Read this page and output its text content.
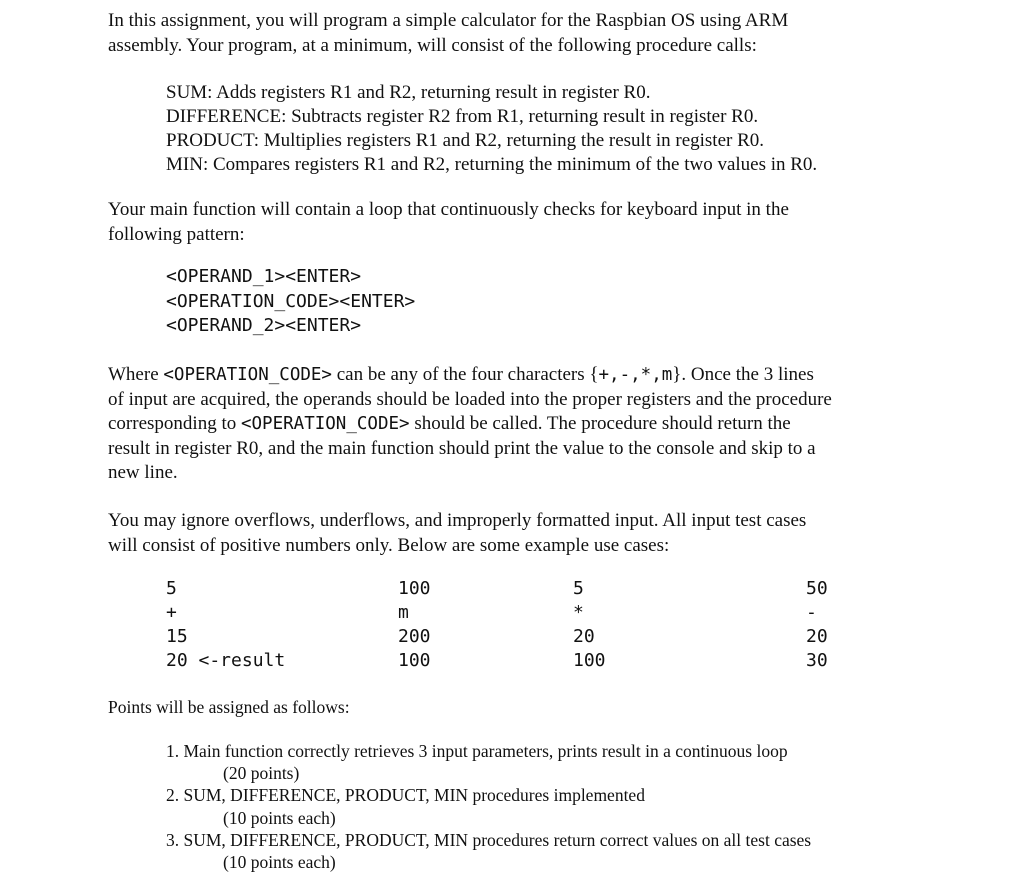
In this assignment, you will program a simple calculator for the Raspbian OS using ARM
assembly. Your program, at a minimum, will consist of the following procedure calls:

SUM: Adds registers R1 and R2, returning result in register R0.
DIFFERENCE: Subtracts register R2 from R1, returning result in register R0.
PRODUCT: Multiplies registers R1 and R2, returning the result in register R0.
MIN: Compares registers R1 and R2, returning the minimum of the two values in R0.

Your main function will contain a loop that continuously checks for keyboard input in the
following pattern:

<OPERAND_1><ENTER>
<OPERATION_CODE><ENTER>
<OPERAND_2><ENTER>

Where <OPERATION_CODE> can be any of the four characters {+,-,*,m}. Once the 3 lines
of input are acquired, the operands should be loaded into the proper registers and the procedure
corresponding to <OPERATION_CODE> should be called. The procedure should return the
result in register R0, and the main function should print the value to the console and skip to a
new line.

You may ignore overflows, underflows, and improperly formatted input. All input test cases
will consist of positive numbers only. Below are some example use cases:

5
+
15
20 <-result
100
m
200
100
5
*
20
100
50
-
20
30

Points will be assigned as follows:

1. Main function correctly retrieves 3 input parameters, prints result in a continuous loop
(20 points)
2. SUM, DIFFERENCE, PRODUCT, MIN procedures implemented
(10 points each)
3. SUM, DIFFERENCE, PRODUCT, MIN procedures return correct values on all test cases
(10 points each)
